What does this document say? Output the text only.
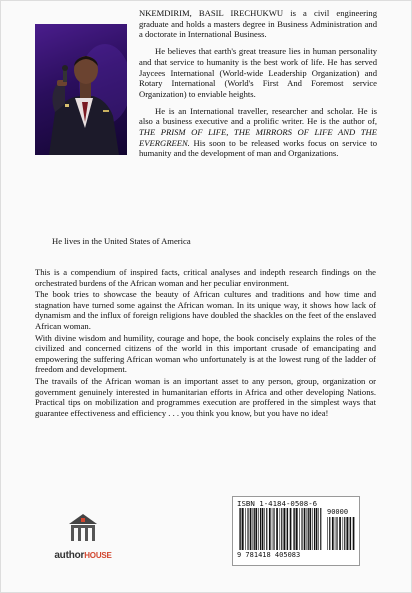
NKEMDIRIM, BASIL IRECHUKWU is a civil engineering graduate and holds a masters degree in Business Administration and a doctorate in International Business.

He believes that earth's great treasure lies in human personality and that service to humanity is the best work of life. He has served Jaycees International (World-wide Leadership Organization) and Rotary International (World's First And Foremost service Organization) to enviable heights.

He is an International traveller, researcher and scholar. He is also a business executive and a prolific writer. He is the author of, THE PRISM OF LIFE, THE MIRRORS OF LIFE AND THE EVERGREEN. His soon to be released works focus on service to humanity and the development of man and Organizations.

He lives in the United States of America

This is a compendium of inspired facts, critical analyses and indepth research findings on the orchestrated burdens of the African woman and her peculiar environment.

The book tries to showcase the beauty of African cultures and traditions and how time and stagnation have turned some against the African woman. In its unique way, it shows how lack of dynamism and the influx of foreign religions have doubled the shackles on the feet of the enslaved African woman.

With divine wisdom and humility, courage and hope, the book concisely explains the roles of the civilized and concerned citizens of the world in this important crusade of emancipating and empowering the suffering African woman who unfortunately is at the lowest rung of the ladder of freedom and development.

The travails of the African woman is an important asset to any person, group, organization or government genuinely interested in humanitarian efforts in Africa and other developing Nations. Practical tips on mobilization and programmes execution are proffered in the simplest ways that guarantee effectiveness and efficiency . . . you think you know, but you have no idea!

authorHOUSE
ISBN 1-4184-0508-6
90000
9 781418 405083
